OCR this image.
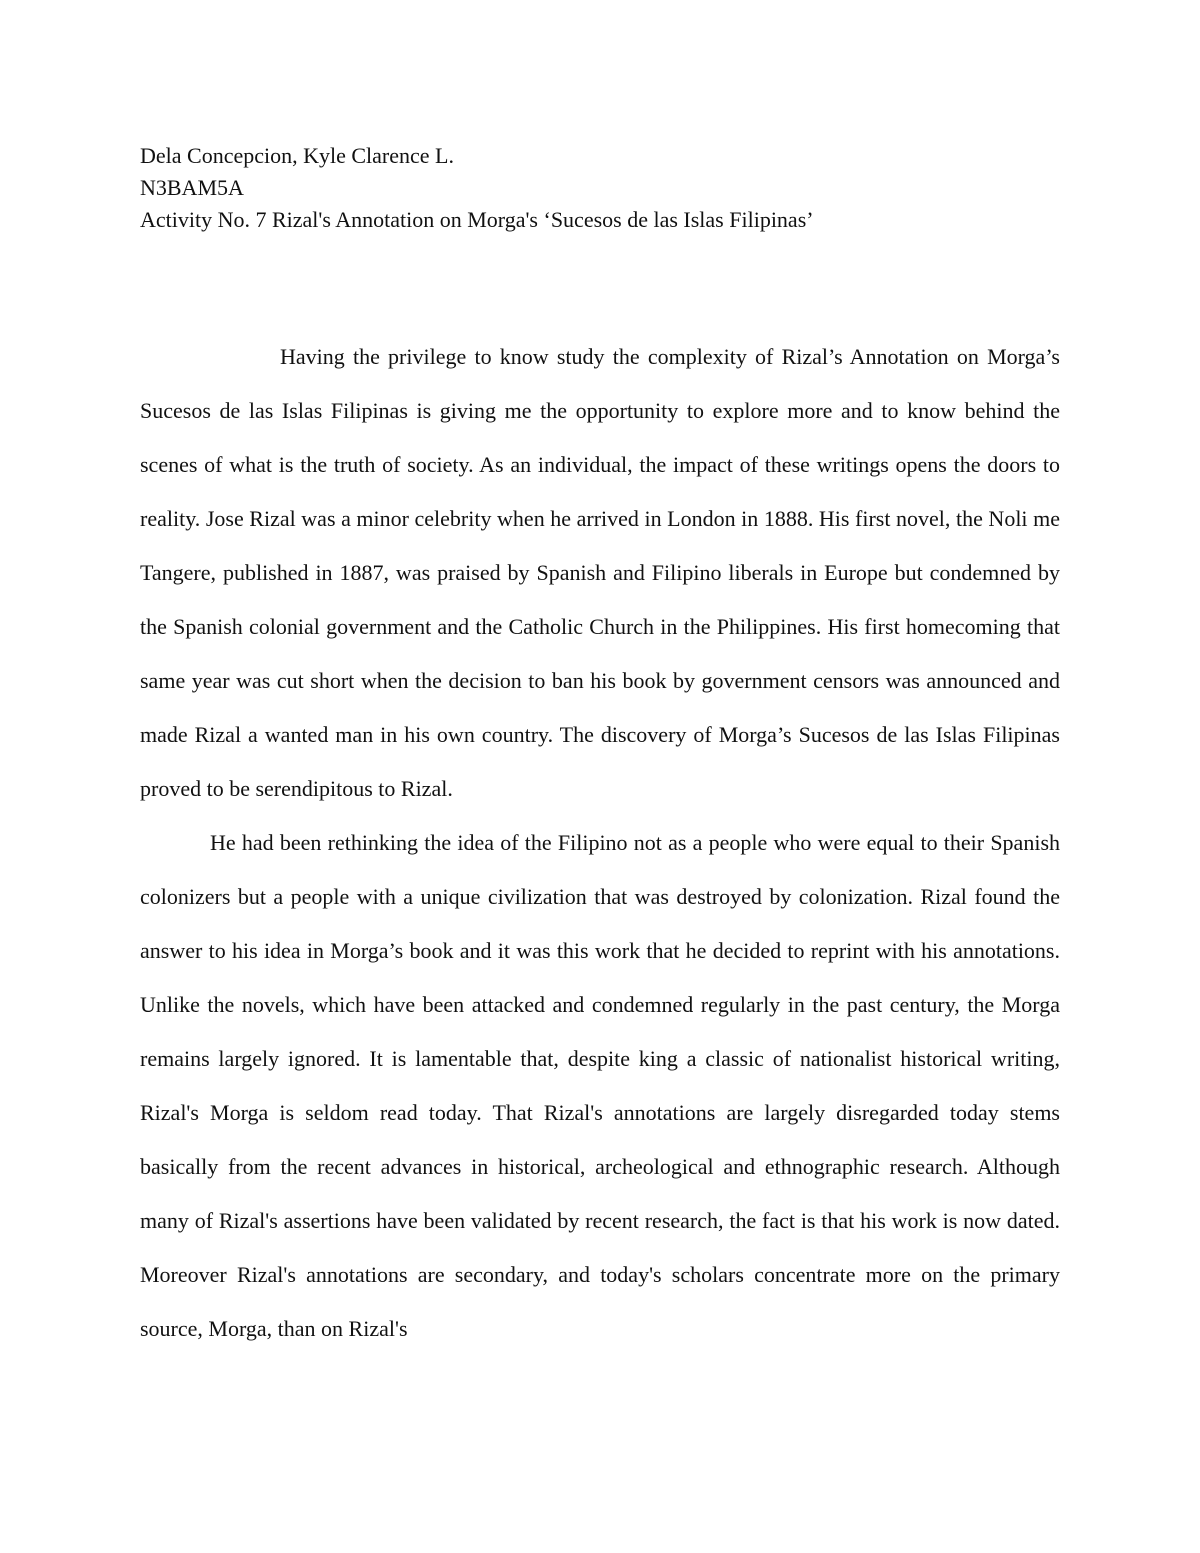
Dela Concepcion, Kyle Clarence L.
N3BAM5A
Activity No. 7 Rizal's Annotation on Morga's ‘Sucesos de las Islas Filipinas’

Having the privilege to know study the complexity of Rizal’s Annotation on Morga’s Sucesos de las Islas Filipinas is giving me the opportunity to explore more and to know behind the scenes of what is the truth of society. As an individual, the impact of these writings opens the doors to reality. Jose Rizal was a minor celebrity when he arrived in London in 1888. His first novel, the Noli me Tangere, published in 1887, was praised by Spanish and Filipino liberals in Europe but condemned by the Spanish colonial government and the Catholic Church in the Philippines. His first homecoming that same year was cut short when the decision to ban his book by government censors was announced and made Rizal a wanted man in his own country. The discovery of Morga’s Sucesos de las Islas Filipinas proved to be serendipitous to Rizal.

He had been rethinking the idea of the Filipino not as a people who were equal to their Spanish colonizers but a people with a unique civilization that was destroyed by colonization. Rizal found the answer to his idea in Morga’s book and it was this work that he decided to reprint with his annotations. Unlike the novels, which have been attacked and condemned regularly in the past century, the Morga remains largely ignored. It is lamentable that, despite king a classic of nationalist historical writing, Rizal's Morga is seldom read today. That Rizal's annotations are largely disregarded today stems basically from the recent advances in historical, archeological and ethnographic research. Although many of Rizal's assertions have been validated by recent research, the fact is that his work is now dated. Moreover Rizal's annotations are secondary, and today's scholars concentrate more on the primary source, Morga, than on Rizal's
